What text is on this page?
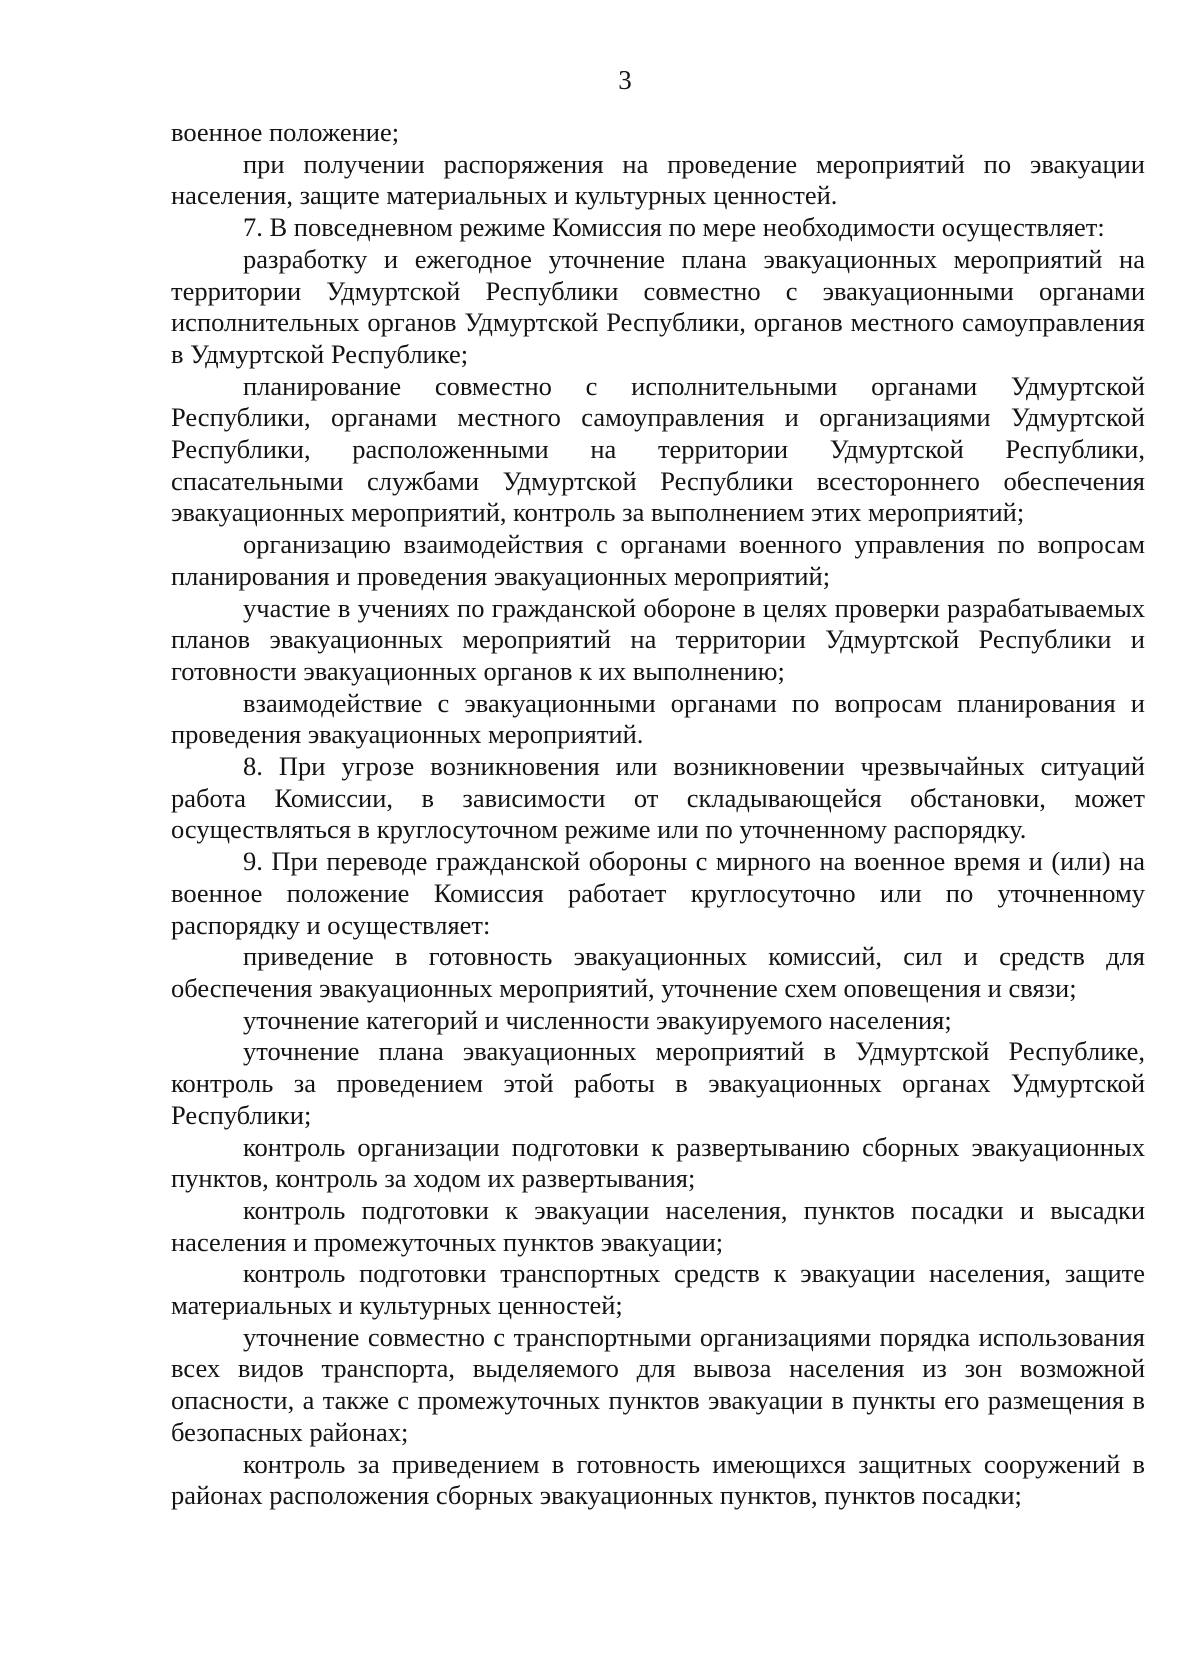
3

военное положение;

при получении распоряжения на проведение мероприятий по эвакуации населения, защите материальных и культурных ценностей.

7. В повседневном режиме Комиссия по мере необходимости осуществляет:

разработку и ежегодное уточнение плана эвакуационных мероприятий на территории Удмуртской Республики совместно с эвакуационными органами исполнительных органов Удмуртской Республики, органов местного самоуправления в Удмуртской Республике;

планирование совместно с исполнительными органами Удмуртской Республики, органами местного самоуправления и организациями Удмуртской Республики, расположенными на территории Удмуртской Республики, спасательными службами Удмуртской Республики всестороннего обеспечения эвакуационных мероприятий, контроль за выполнением этих мероприятий;

организацию взаимодействия с органами военного управления по вопросам планирования и проведения эвакуационных мероприятий;

участие в учениях по гражданской обороне в целях проверки разрабатываемых планов эвакуационных мероприятий на территории Удмуртской Республики и готовности эвакуационных органов к их выполнению;

взаимодействие с эвакуационными органами по вопросам планирования и проведения эвакуационных мероприятий.

8. При угрозе возникновения или возникновении чрезвычайных ситуаций работа Комиссии, в зависимости от складывающейся обстановки, может осуществляться в круглосуточном режиме или по уточненному распорядку.

9. При переводе гражданской обороны с мирного на военное время и (или) на военное положение Комиссия работает круглосуточно или по уточненному распорядку и осуществляет:

приведение в готовность эвакуационных комиссий, сил и средств для обеспечения эвакуационных мероприятий, уточнение схем оповещения и связи;

уточнение категорий и численности эвакуируемого населения;

уточнение плана эвакуационных мероприятий в Удмуртской Республике, контроль за проведением этой работы в эвакуационных органах Удмуртской Республики;

контроль организации подготовки к развертыванию сборных эвакуационных пунктов, контроль за ходом их развертывания;

контроль подготовки к эвакуации населения, пунктов посадки и высадки населения и промежуточных пунктов эвакуации;

контроль подготовки транспортных средств к эвакуации населения, защите материальных и культурных ценностей;

уточнение совместно с транспортными организациями порядка использования всех видов транспорта, выделяемого для вывоза населения из зон возможной опасности, а также с промежуточных пунктов эвакуации в пункты его размещения в безопасных районах;

контроль за приведением в готовность имеющихся защитных сооружений в районах расположения сборных эвакуационных пунктов, пунктов посадки;
